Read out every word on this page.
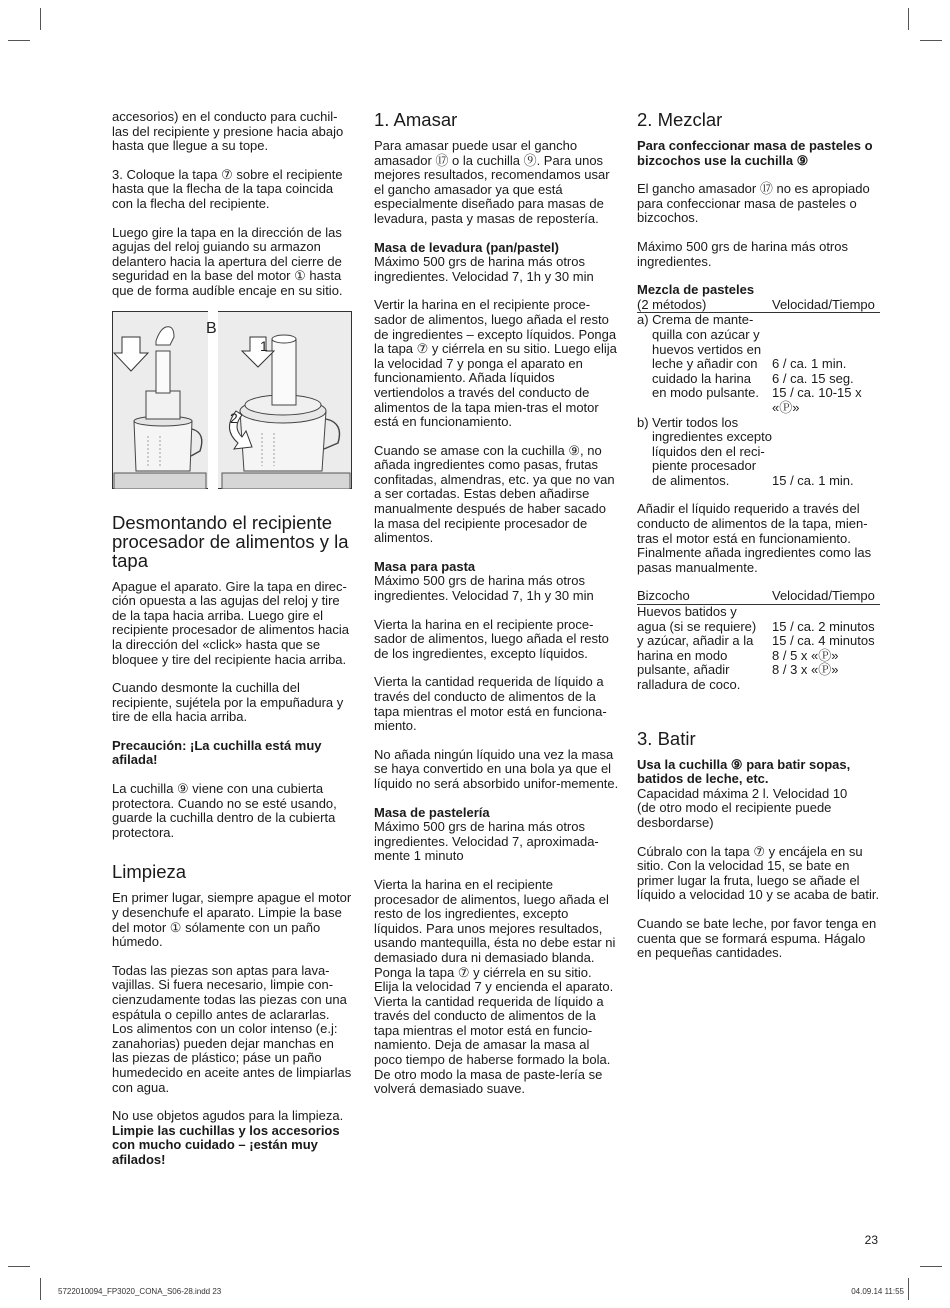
accesorios) en el conducto para cuchil-las del recipiente y presione hacia abajo hasta que llegue a su tope.

3. Coloque la tapa ⑦ sobre el recipiente hasta que la flecha de la tapa coincida con la flecha del recipiente.

Luego gire la tapa en la dirección de las agujas del reloj guiando su armazon delantero hacia la apertura del cierre de seguridad en la base del motor ① hasta que de forma audíble encaje en su sitio.

B
1
2
Desmontando el recipiente procesador de alimentos y la tapa

Apague el aparato. Gire la tapa en direc-ción opuesta a las agujas del reloj y tire de la tapa hacia arriba. Luego gire el recipiente procesador de alimentos hacia la dirección del «click» hasta que se bloquee y tire del recipiente hacia arriba.

Cuando desmonte la cuchilla del recipiente, sujétela por la empuñadura y tire de ella hacia arriba.

Precaución: ¡La cuchilla está muy afilada!

La cuchilla ⑨ viene con una cubierta protectora. Cuando no se esté usando, guarde la cuchilla dentro de la cubierta protectora.

Limpieza

En primer lugar, siempre apague el motor y desenchufe el aparato. Limpie la base del motor ① sólamente con un paño húmedo.

Todas las piezas son aptas para lava-vajillas. Si fuera necesario, limpie con-cienzudamente todas las piezas con una espátula o cepillo antes de aclararlas. Los alimentos con un color intenso (e.j: zanahorias) pueden dejar manchas en las piezas de plástico; páse un paño humedecido en aceite antes de limpiarlas con agua.

No use objetos agudos para la limpieza.

Limpie las cuchillas y los accesorios con mucho cuidado – ¡están muy afilados!

1. Amasar

Para amasar puede usar el gancho amasador ⑰ o la cuchilla ⑨. Para unos mejores resultados, recomendamos usar el gancho amasador ya que está especialmente diseñado para masas de levadura, pasta y masas de repostería.

Masa de levadura (pan/pastel)

Máximo 500 grs de harina más otros ingredientes. Velocidad 7, 1h y 30 min

Vertir la harina en el recipiente proce-sador de alimentos, luego añada el resto de ingredientes – excepto líquidos. Ponga la tapa ⑦ y ciérrela en su sitio. Luego elija la velocidad 7 y ponga el aparato en funcionamiento. Añada líquidos vertiendolos a través del conducto de alimentos de la tapa mien-tras el motor está en funcionamiento.

Cuando se amase con la cuchilla ⑨, no añada ingredientes como pasas, frutas confitadas, almendras, etc. ya que no van a ser cortadas. Estas deben añadirse manualmente después de haber sacado la masa del recipiente procesador de alimentos.

Masa para pasta

Máximo 500 grs de harina más otros ingredientes. Velocidad 7, 1h y 30 min

Vierta la harina en el recipiente proce-sador de alimentos, luego añada el resto de los ingredientes, excepto líquidos.

Vierta la cantidad requerida de líquido a través del conducto de alimentos de la tapa mientras el motor está en funciona-miento.

No añada ningún líquido una vez la masa se haya convertido en una bola ya que el líquido no será absorbido unifor-memente.

Masa de pastelería

Máximo 500 grs de harina más otros ingredientes. Velocidad 7, aproximada-mente 1 minuto

Vierta la harina en el recipiente procesador de alimentos, luego añada el resto de los ingredientes, excepto líquidos. Para unos mejores resultados, usando mantequilla, ésta no debe estar ni demasiado dura ni demasiado blanda. Ponga la tapa ⑦ y ciérrela en su sitio. Elija la velocidad 7 y encienda el aparato. Vierta la cantidad requerida de líquido a través del conducto de alimentos de la tapa mientras el motor está en funcio-namiento. Deja de amasar la masa al poco tiempo de haberse formado la bola. De otro modo la masa de paste-lería se volverá demasiado suave.

2. Mezclar

Para confeccionar masa de pasteles o bizcochos use la cuchilla ⑨

El gancho amasador ⑰ no es apropiado para confeccionar masa de pasteles o bizcochos.

Máximo 500 grs de harina más otros ingredientes.

Mezcla de pasteles
(2 métodos)	Velocidad/Tiempo
a) Crema de mante-	
quilla con azúcar y	
huevos vertidos en	
leche y añadir con	6 / ca. 1 min.
cuidado la harina	6 / ca. 15 seg.
en modo pulsante.	15 / ca. 10-15 x
	«Ⓟ»
b) Vertir todos los	
ingredientes excepto	
líquidos den el reci-	
piente procesador	
de alimentos.	15 / ca. 1 min.

Añadir el líquido requerido a través del conducto de alimentos de la tapa, mien-tras el motor está en funcionamiento. Finalmente añada ingredientes como las pasas manualmente.

Bizcocho	Velocidad/Tiempo
Huevos batidos y	
agua (si se requiere)	15 / ca. 2 minutos
y azúcar, añadir a la	15 / ca. 4 minutos
harina en modo	8 / 5 x «Ⓟ»
pulsante, añadir	8 / 3 x «Ⓟ»
ralladura de coco.	
3. Batir
Usa la cuchilla ⑨ para batir sopas, batidos de leche, etc.

Capacidad máxima 2 l. Velocidad 10 (de otro modo el recipiente puede desbordarse)

Cúbralo con la tapa ⑦ y encájela en su sitio. Con la velocidad 15, se bate en primer lugar la fruta, luego se añade el líquido a velocidad 10 y se acaba de batir.

Cuando se bate leche, por favor tenga en cuenta que se formará espuma. Hágalo en pequeñas cantidades.

23
5722010094_FP3020_CONA_S06-28.indd 23	04.09.14 11:55
